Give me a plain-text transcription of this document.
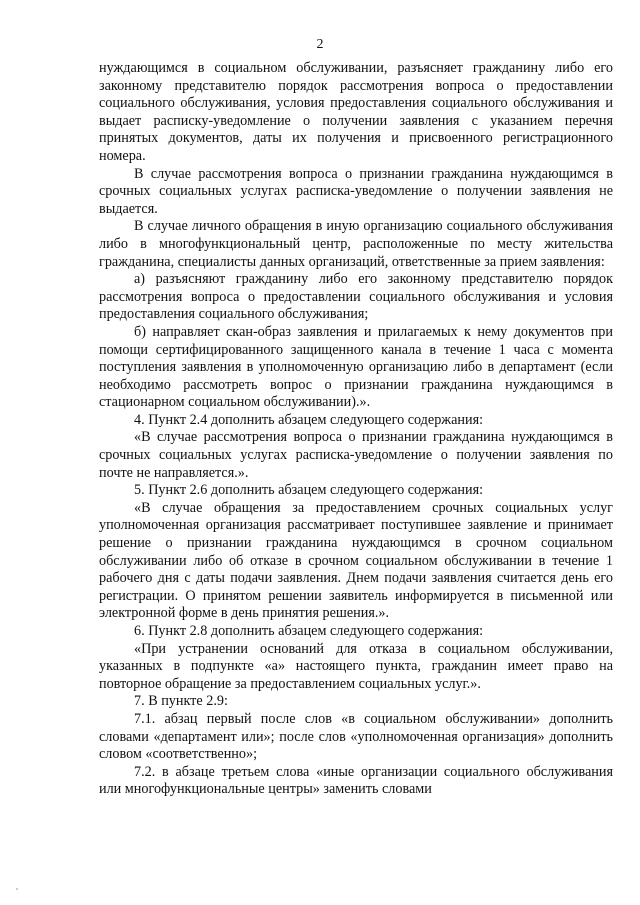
2

нуждающимся в социальном обслуживании, разъясняет гражданину либо его законному представителю порядок рассмотрения вопроса о предоставлении социального обслуживания, условия предоставления социального обслуживания и выдает расписку-уведомление о получении заявления с указанием перечня принятых документов, даты их получения и присвоенного регистрационного номера.

В случае рассмотрения вопроса о признании гражданина нуждающимся в срочных социальных услугах расписка-уведомление о получении заявления не выдается.

В случае личного обращения в иную организацию социального обслуживания либо в многофункциональный центр, расположенные по месту жительства гражданина, специалисты данных организаций, ответственные за прием заявления:

а) разъясняют гражданину либо его законному представителю порядок рассмотрения вопроса о предоставлении социального обслуживания и условия предоставления социального обслуживания;

б) направляет скан-образ заявления и прилагаемых к нему документов при помощи сертифицированного защищенного канала в течение 1 часа с момента поступления заявления в уполномоченную организацию либо в департамент (если необходимо рассмотреть вопрос о признании гражданина нуждающимся в стационарном социальном обслуживании).».

4. Пункт 2.4 дополнить абзацем следующего содержания:

«В случае рассмотрения вопроса о признании гражданина нуждающимся в срочных социальных услугах расписка-уведомление о получении заявления по почте не направляется.».

5. Пункт 2.6 дополнить абзацем следующего содержания:

«В случае обращения за предоставлением срочных социальных услуг уполномоченная организация рассматривает поступившее заявление и принимает решение о признании гражданина нуждающимся в срочном социальном обслуживании либо об отказе в срочном социальном обслуживании в течение 1 рабочего дня с даты подачи заявления. Днем подачи заявления считается день его регистрации. О принятом решении заявитель информируется в письменной или электронной форме в день принятия решения.».

6. Пункт 2.8 дополнить абзацем следующего содержания:

«При устранении оснований для отказа в социальном обслуживании, указанных в подпункте «а» настоящего пункта, гражданин имеет право на повторное обращение за предоставлением социальных услуг.».

7. В пункте 2.9:

7.1. абзац первый после слов «в социальном обслуживании» дополнить словами «департамент или»; после слов «уполномоченная организация» дополнить словом «соответственно»;

7.2. в абзаце третьем слова «иные организации социального обслуживания или многофункциональные центры» заменить словами
